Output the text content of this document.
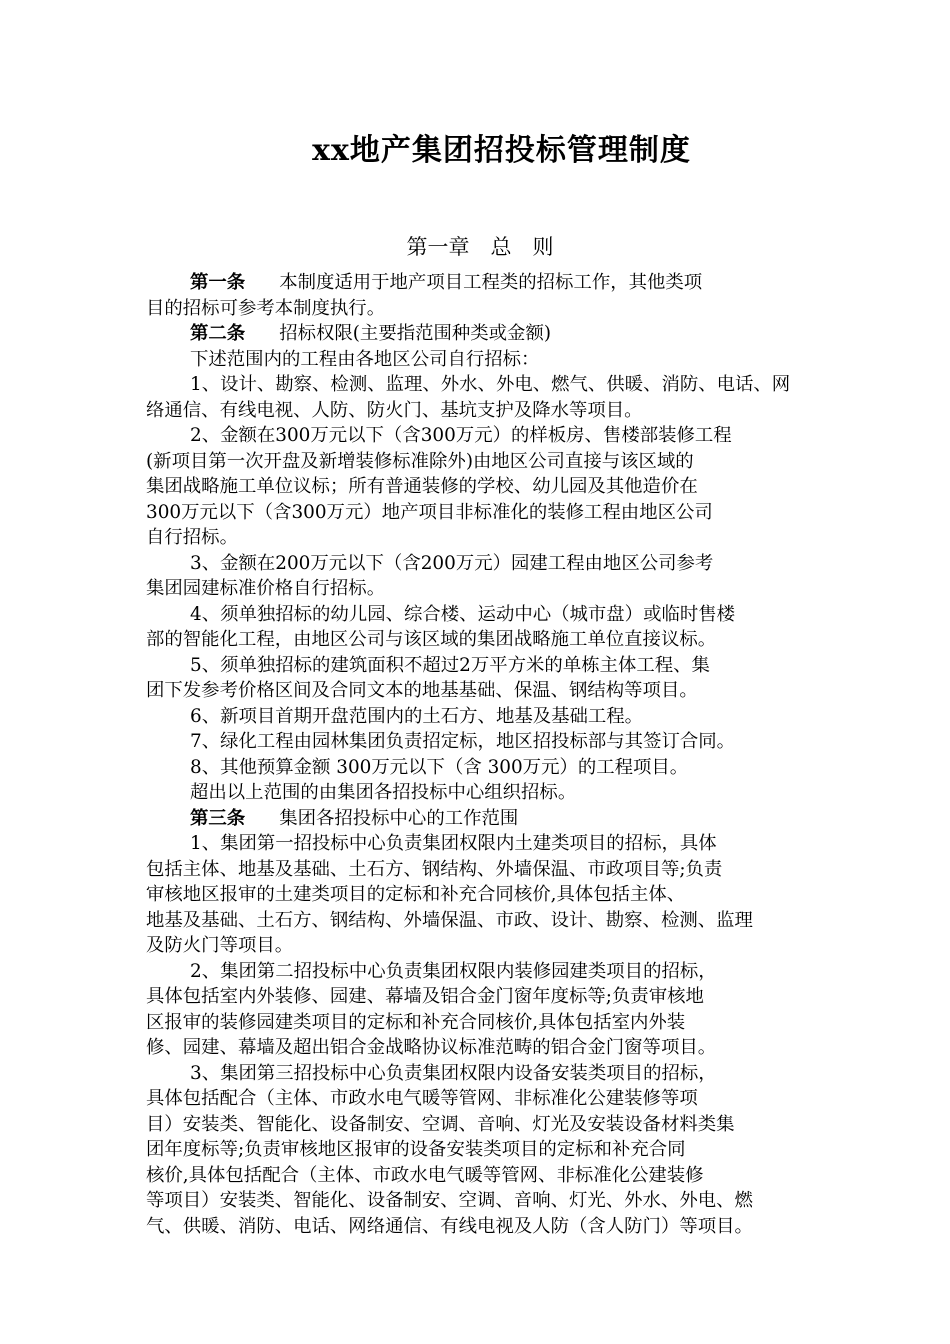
xx地产集团招投标管理制度
第一章　总　则
第一条 本制度适用于地产项目工程类的招标工作，其他类项
目的招标可参考本制度执行。
第二条 招标权限(主要指范围种类或金额)
下述范围内的工程由各地区公司自行招标：
1、设计、勘察、检测、监理、外水、外电、燃气、供暖、消防、电话、网
络通信、有线电视、人防、防火门、基坑支护及降水等项目。
2、金额在300万元以下（含300万元）的样板房、售楼部装修工程
(新项目第一次开盘及新增装修标准除外)由地区公司直接与该区域的
集团战略施工单位议标；所有普通装修的学校、幼儿园及其他造价在
300万元以下（含300万元）地产项目非标准化的装修工程由地区公司
自行招标。
3、金额在200万元以下（含200万元）园建工程由地区公司参考
集团园建标准价格自行招标。
4、须单独招标的幼儿园、综合楼、运动中心（城市盘）或临时售楼
部的智能化工程，由地区公司与该区域的集团战略施工单位直接议标。
5、须单独招标的建筑面积不超过2万平方米的单栋主体工程、集
团下发参考价格区间及合同文本的地基基础、保温、钢结构等项目。
6、新项目首期开盘范围内的土石方、地基及基础工程。
7、绿化工程由园林集团负责招定标，地区招投标部与其签订合同。
8、其他预算金额 300万元以下（含 300万元）的工程项目。
超出以上范围的由集团各招投标中心组织招标。
第三条 集团各招投标中心的工作范围
1、集团第一招投标中心负责集团权限内土建类项目的招标，具体
包括主体、地基及基础、土石方、钢结构、外墙保温、市政项目等;负责
审核地区报审的土建类项目的定标和补充合同核价,具体包括主体、
地基及基础、土石方、钢结构、外墙保温、市政、设计、勘察、检测、监理
及防火门等项目。
2、集团第二招投标中心负责集团权限内装修园建类项目的招标，
具体包括室内外装修、园建、幕墙及铝合金门窗年度标等;负责审核地
区报审的装修园建类项目的定标和补充合同核价,具体包括室内外装
修、园建、幕墙及超出铝合金战略协议标准范畴的铝合金门窗等项目。
3、集团第三招投标中心负责集团权限内设备安装类项目的招标，
具体包括配合（主体、市政水电气暖等管网、非标准化公建装修等项
目）安装类、智能化、设备制安、空调、音响、灯光及安装设备材料类集
团年度标等;负责审核地区报审的设备安装类项目的定标和补充合同
核价,具体包括配合（主体、市政水电气暖等管网、非标准化公建装修
等项目）安装类、智能化、设备制安、空调、音响、灯光、外水、外电、燃
气、供暖、消防、电话、网络通信、有线电视及人防（含人防门）等项目。
